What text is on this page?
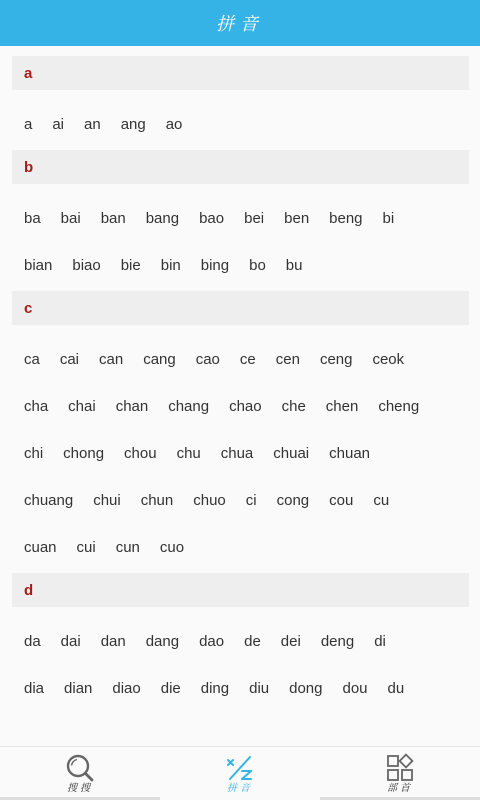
拼音
a
a ai an ang ao
b
ba bai ban bang bao bei ben beng bi
bian biao bie bin bing bo bu
c
ca cai can cang cao ce cen ceng ceok
cha chai chan chang chao che chen cheng
chi chong chou chu chua chuai chuan
chuang chui chun chuo ci cong cou cu
cuan cui cun cuo
d
da dai dan dang dao de dei deng di
dia dian diao die ding diu dong dou du
搜搜	拼音	部首
